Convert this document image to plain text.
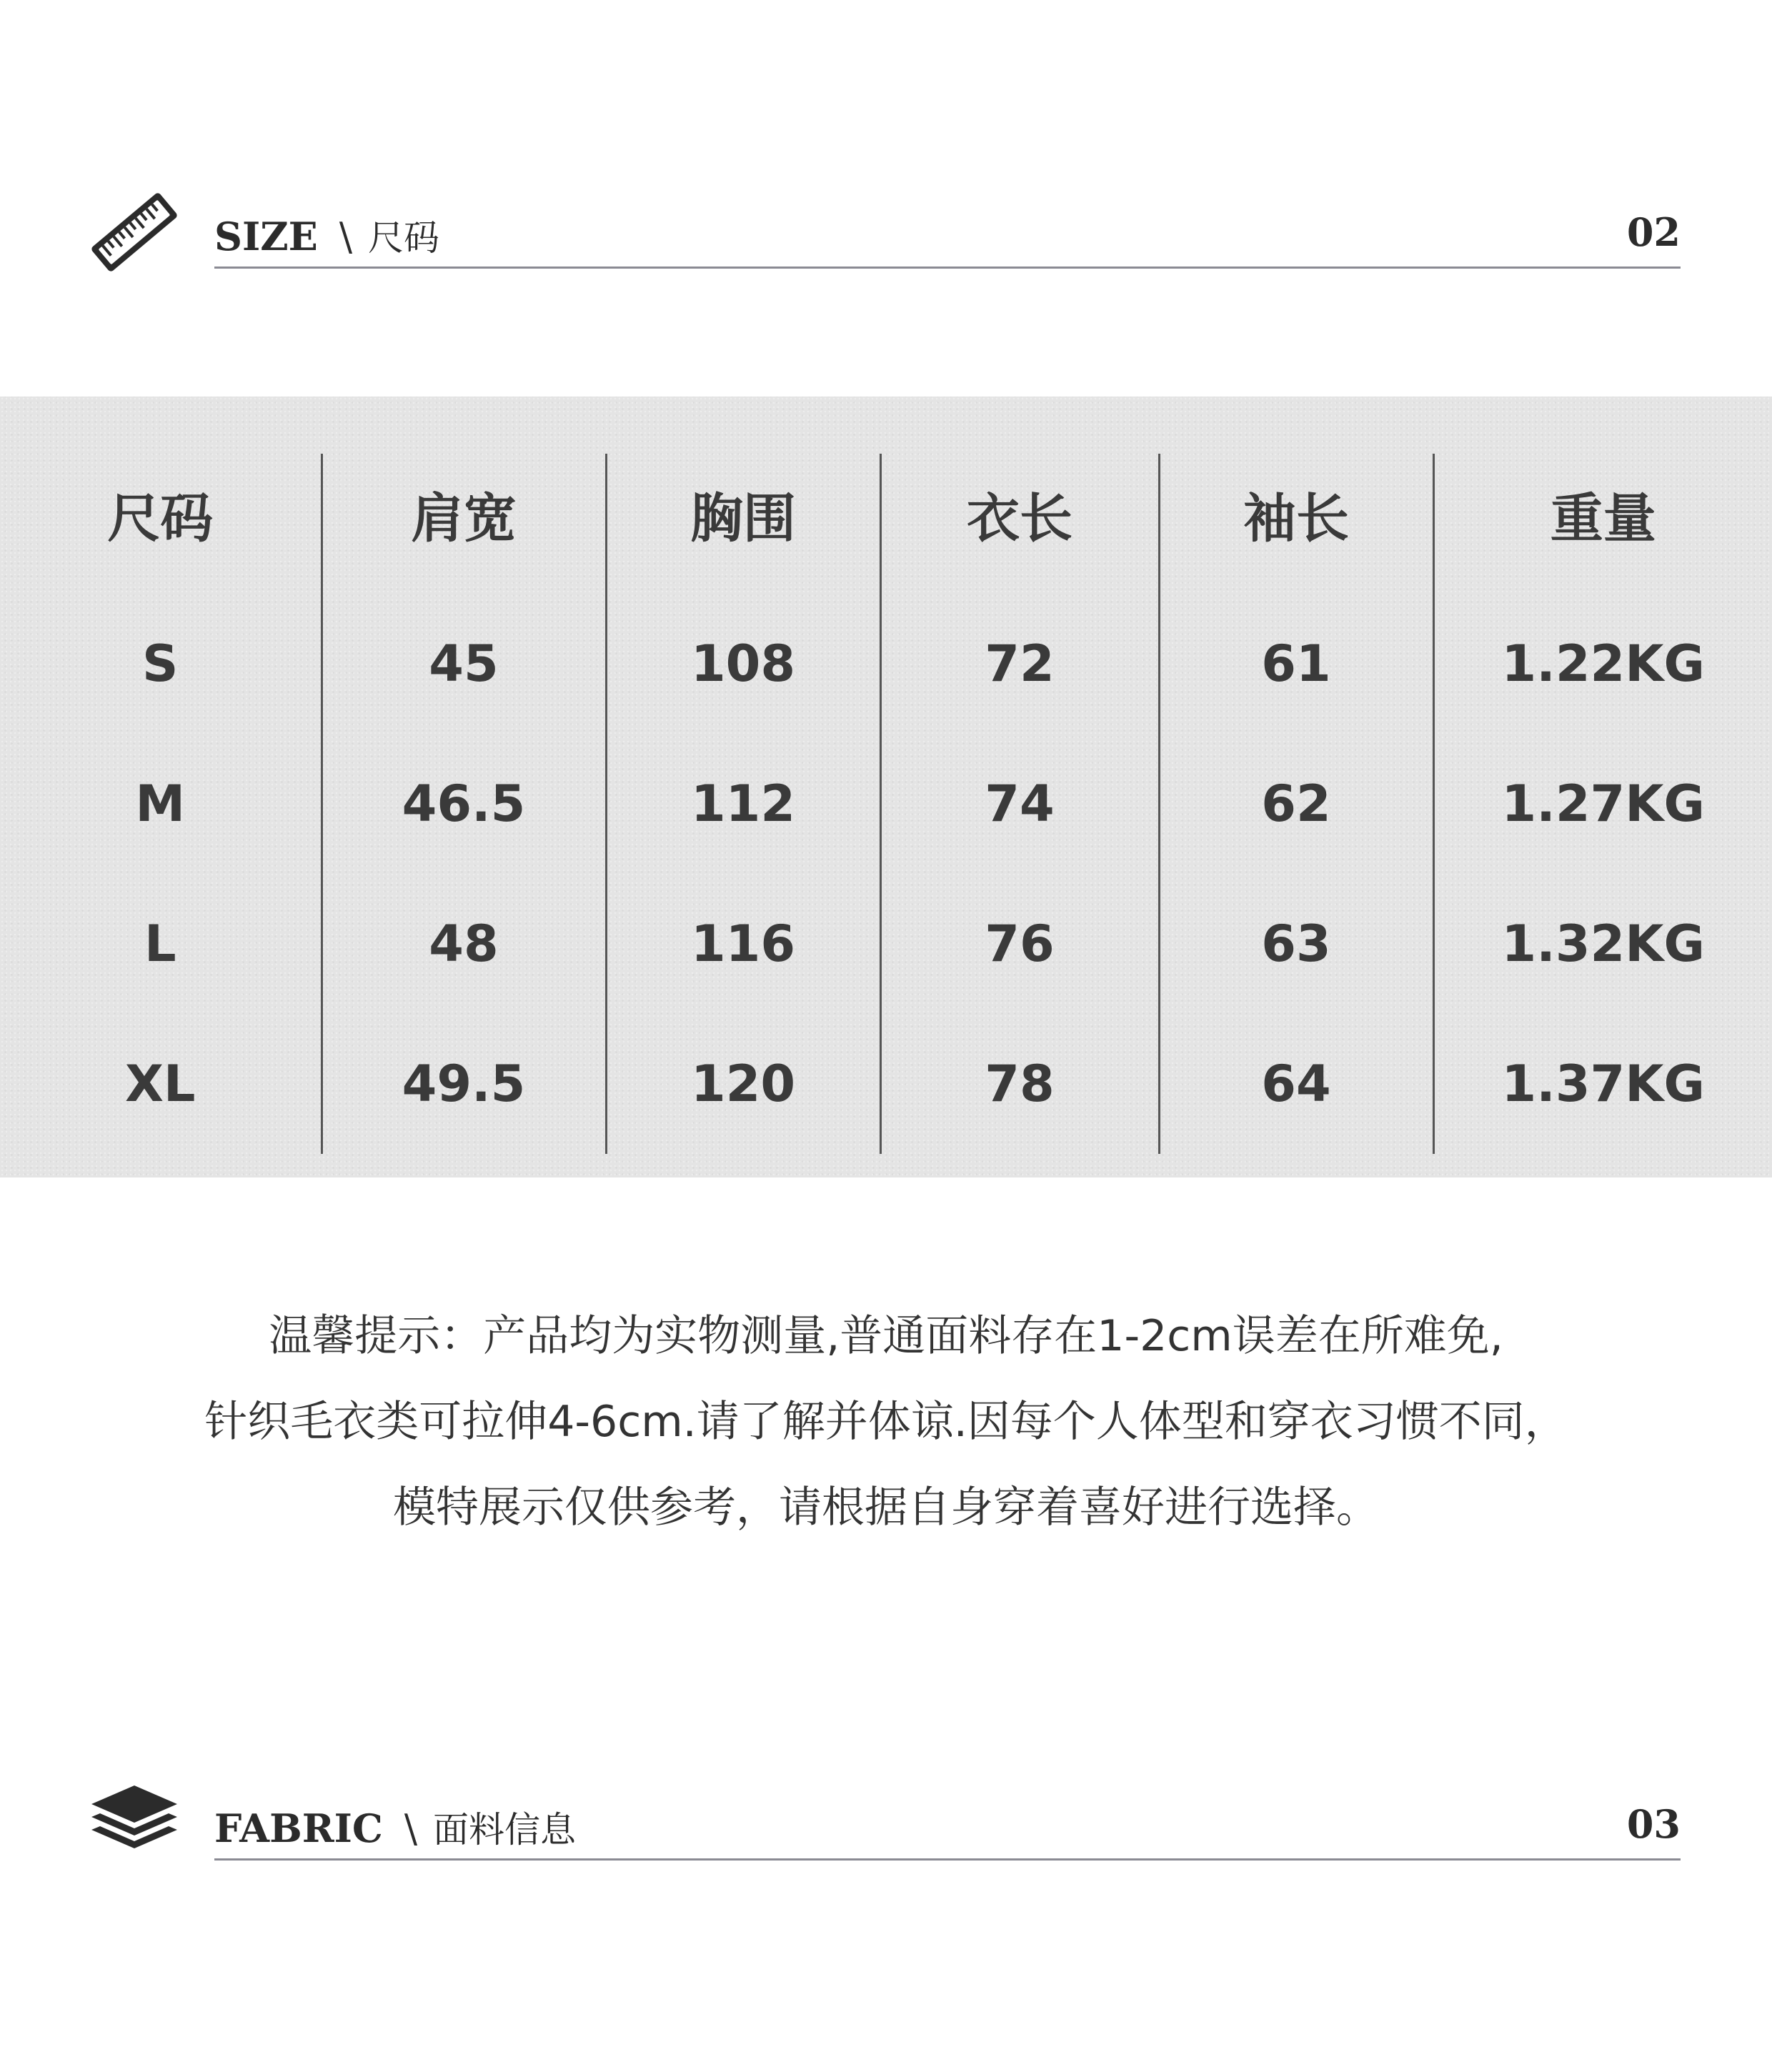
SIZE \ 尺码	02
尺码	肩宽	胸围	衣长	袖长	重量
S	45	108	72	61	1.22KG
M	46.5	112	74	62	1.27KG
L	48	116	76	63	1.32KG
XL	49.5	120	78	64	1.37KG
温馨提示：产品均为实物测量,普通面料存在1-2cm误差在所难免,
针织毛衣类可拉伸4-6cm.请了解并体谅.因每个人体型和穿衣习惯不同，
模特展示仅供参考，请根据自身穿着喜好进行选择。
FABRIC \ 面料信息	03
